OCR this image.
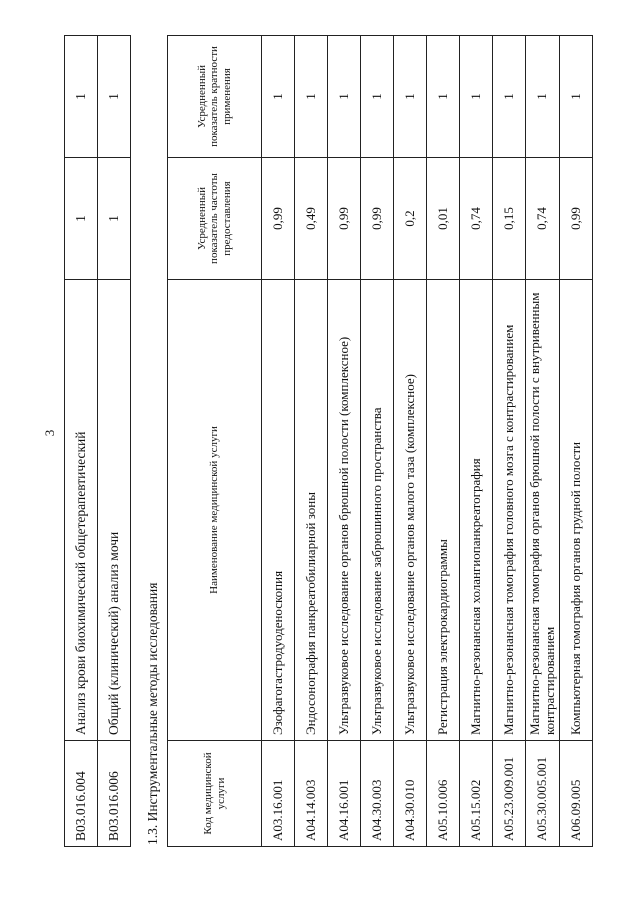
3
B03.016.004	Анализ крови биохимический общетерапевтический	1	1
B03.016.006	Общий (клинический) анализ мочи	1	1
1.3. Инструментальные методы исследования	Код медицинской услуги	Наименование медицинской услуги	Усредненный показатель частоты предоставления	Усредненный показатель кратности применения
A03.16.001	Эзофагогастродуоденоскопия	0,99	1
A04.14.003	Эндосонография панкреатобилиарной зоны	0,49	1
A04.16.001	Ультразвуковое исследование органов брюшной полости (комплексное)	0,99	1
A04.30.003	Ультразвуковое исследование забрюшинного пространства	0,99	1
A04.30.010	Ультразвуковое исследование органов малого таза (комплексное)	0,2	1
A05.10.006	Регистрация электрокардиограммы	0,01	1
A05.15.002	Магнитно-резонансная холангиопанкреатография	0,74	1
A05.23.009.001	Магнитно-резонансная томография головного мозга с контрастированием	0,15	1
A05.30.005.001	Магнитно-резонансная томография органов брюшной полости с внутривенным контрастированием	0,74	1
A06.09.005	Компьютерная томография органов грудной полости	0,99	1
